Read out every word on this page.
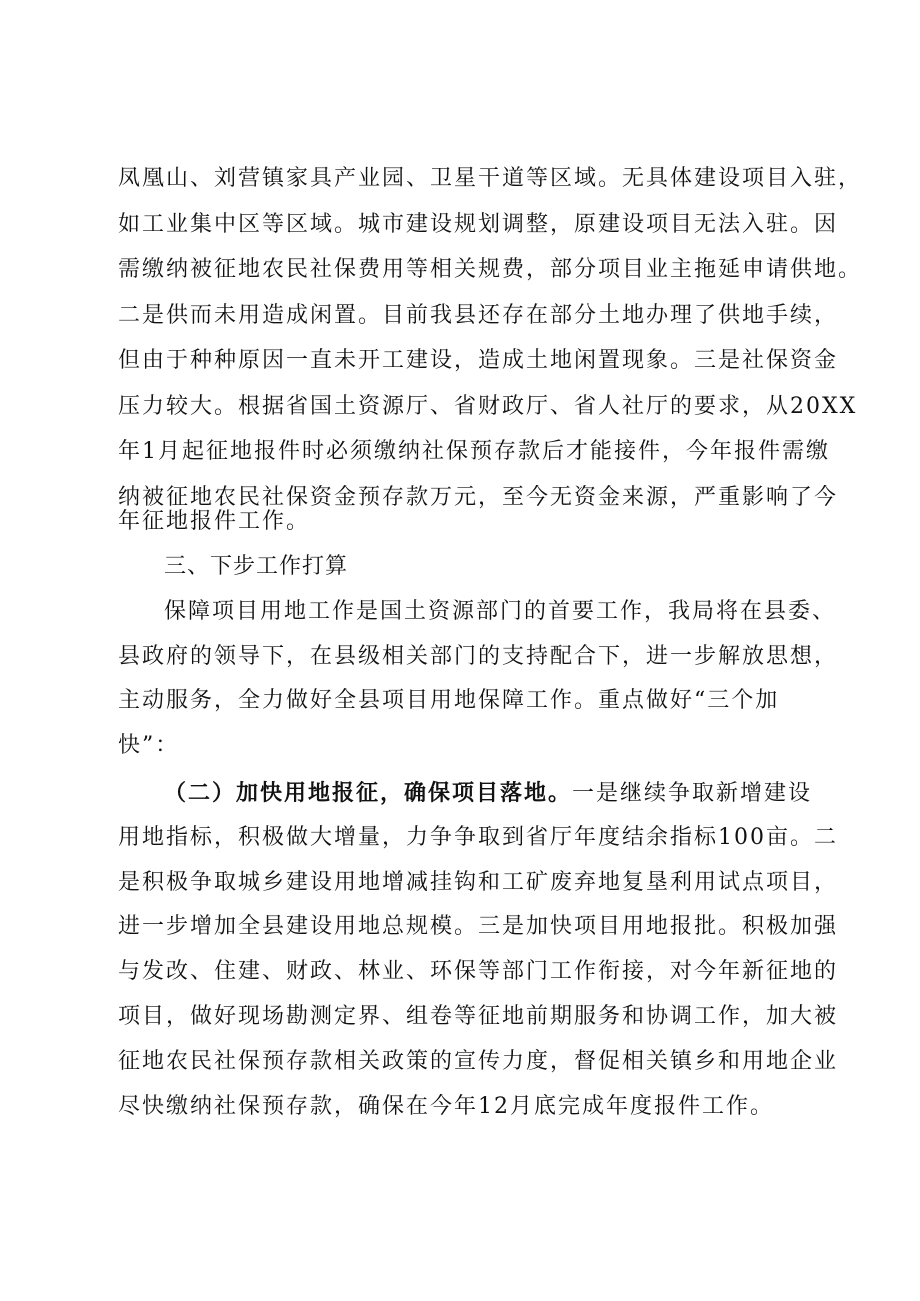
凤凰山、刘营镇家具产业园、卫星干道等区域。无具体建设项目入驻，
如工业集中区等区域。城市建设规划调整，原建设项目无法入驻。因
需缴纳被征地农民社保费用等相关规费，部分项目业主拖延申请供地。
二是供而未用造成闲置。目前我县还存在部分土地办理了供地手续，
但由于种种原因一直未开工建设，造成土地闲置现象。三是社保资金
压力较大。根据省国土资源厅、省财政厅、省人社厅的要求，从20XX
年1月起征地报件时必须缴纳社保预存款后才能接件，今年报件需缴
纳被征地农民社保资金预存款万元，至今无资金来源，严重影响了今
年征地报件工作。
三、下步工作打算
保障项目用地工作是国土资源部门的首要工作，我局将在县委、
县政府的领导下，在县级相关部门的支持配合下，进一步解放思想，
主动服务，全力做好全县项目用地保障工作。重点做好“三个加
快”：
（二）加快用地报征，确保项目落地。一是继续争取新增建设
用地指标，积极做大增量，力争争取到省厅年度结余指标100亩。二
是积极争取城乡建设用地增减挂钩和工矿废弃地复垦利用试点项目，
进一步增加全县建设用地总规模。三是加快项目用地报批。积极加强
与发改、住建、财政、林业、环保等部门工作衔接，对今年新征地的
项目，做好现场勘测定界、组卷等征地前期服务和协调工作，加大被
征地农民社保预存款相关政策的宣传力度，督促相关镇乡和用地企业
尽快缴纳社保预存款，确保在今年12月底完成年度报件工作。
